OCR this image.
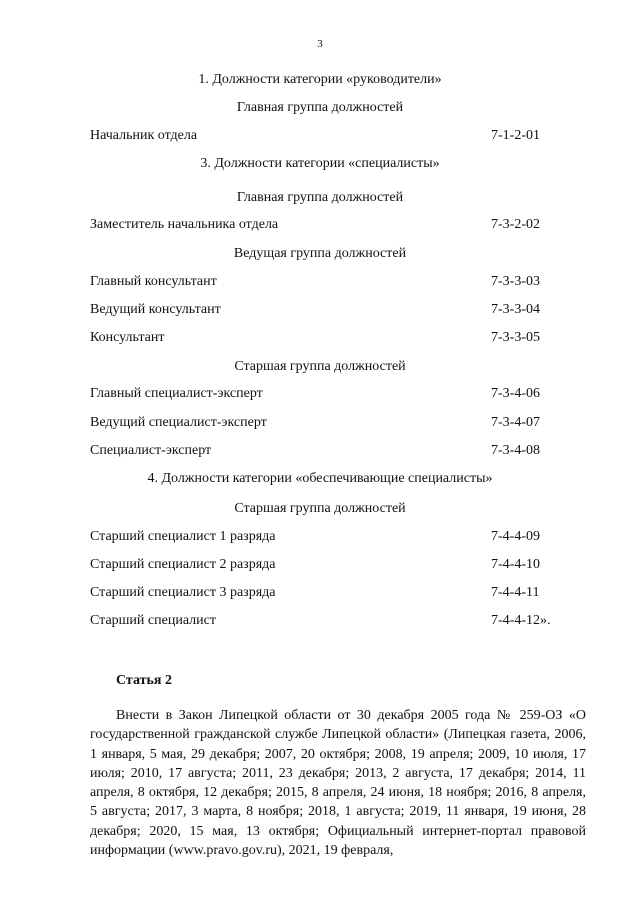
3
1. Должности категории «руководители»
Главная группа должностей
Начальник отдела	7-1-2-01
3. Должности категории «специалисты»
Главная группа должностей
Заместитель начальника отдела	7-3-2-02
Ведущая группа должностей
Главный консультант	7-3-3-03
Ведущий консультант	7-3-3-04
Консультант	7-3-3-05
Старшая группа должностей
Главный специалист-эксперт	7-3-4-06
Ведущий специалист-эксперт	7-3-4-07
Специалист-эксперт	7-3-4-08
4. Должности категории «обеспечивающие специалисты»
Старшая группа должностей
Старший специалист 1 разряда	7-4-4-09
Старший специалист 2 разряда	7-4-4-10
Старший специалист 3 разряда	7-4-4-11
Старший специалист	7-4-4-12».
Статья 2

Внести в Закон Липецкой области от 30 декабря 2005 года № 259-ОЗ «О государственной гражданской службе Липецкой области» (Липецкая газета, 2006, 1 января, 5 мая, 29 декабря; 2007, 20 октября; 2008, 19 апреля; 2009, 10 июля, 17 июля; 2010, 17 августа; 2011, 23 декабря; 2013, 2 августа, 17 декабря; 2014, 11 апреля, 8 октября, 12 декабря; 2015, 8 апреля, 24 июня, 18 ноября; 2016, 8 апреля, 5 августа; 2017, 3 марта, 8 ноября; 2018, 1 августа; 2019, 11 января, 19 июня, 28 декабря; 2020, 15 мая, 13 октября; Официальный интернет-портал правовой информации (www.pravo.gov.ru), 2021, 19 февраля,
